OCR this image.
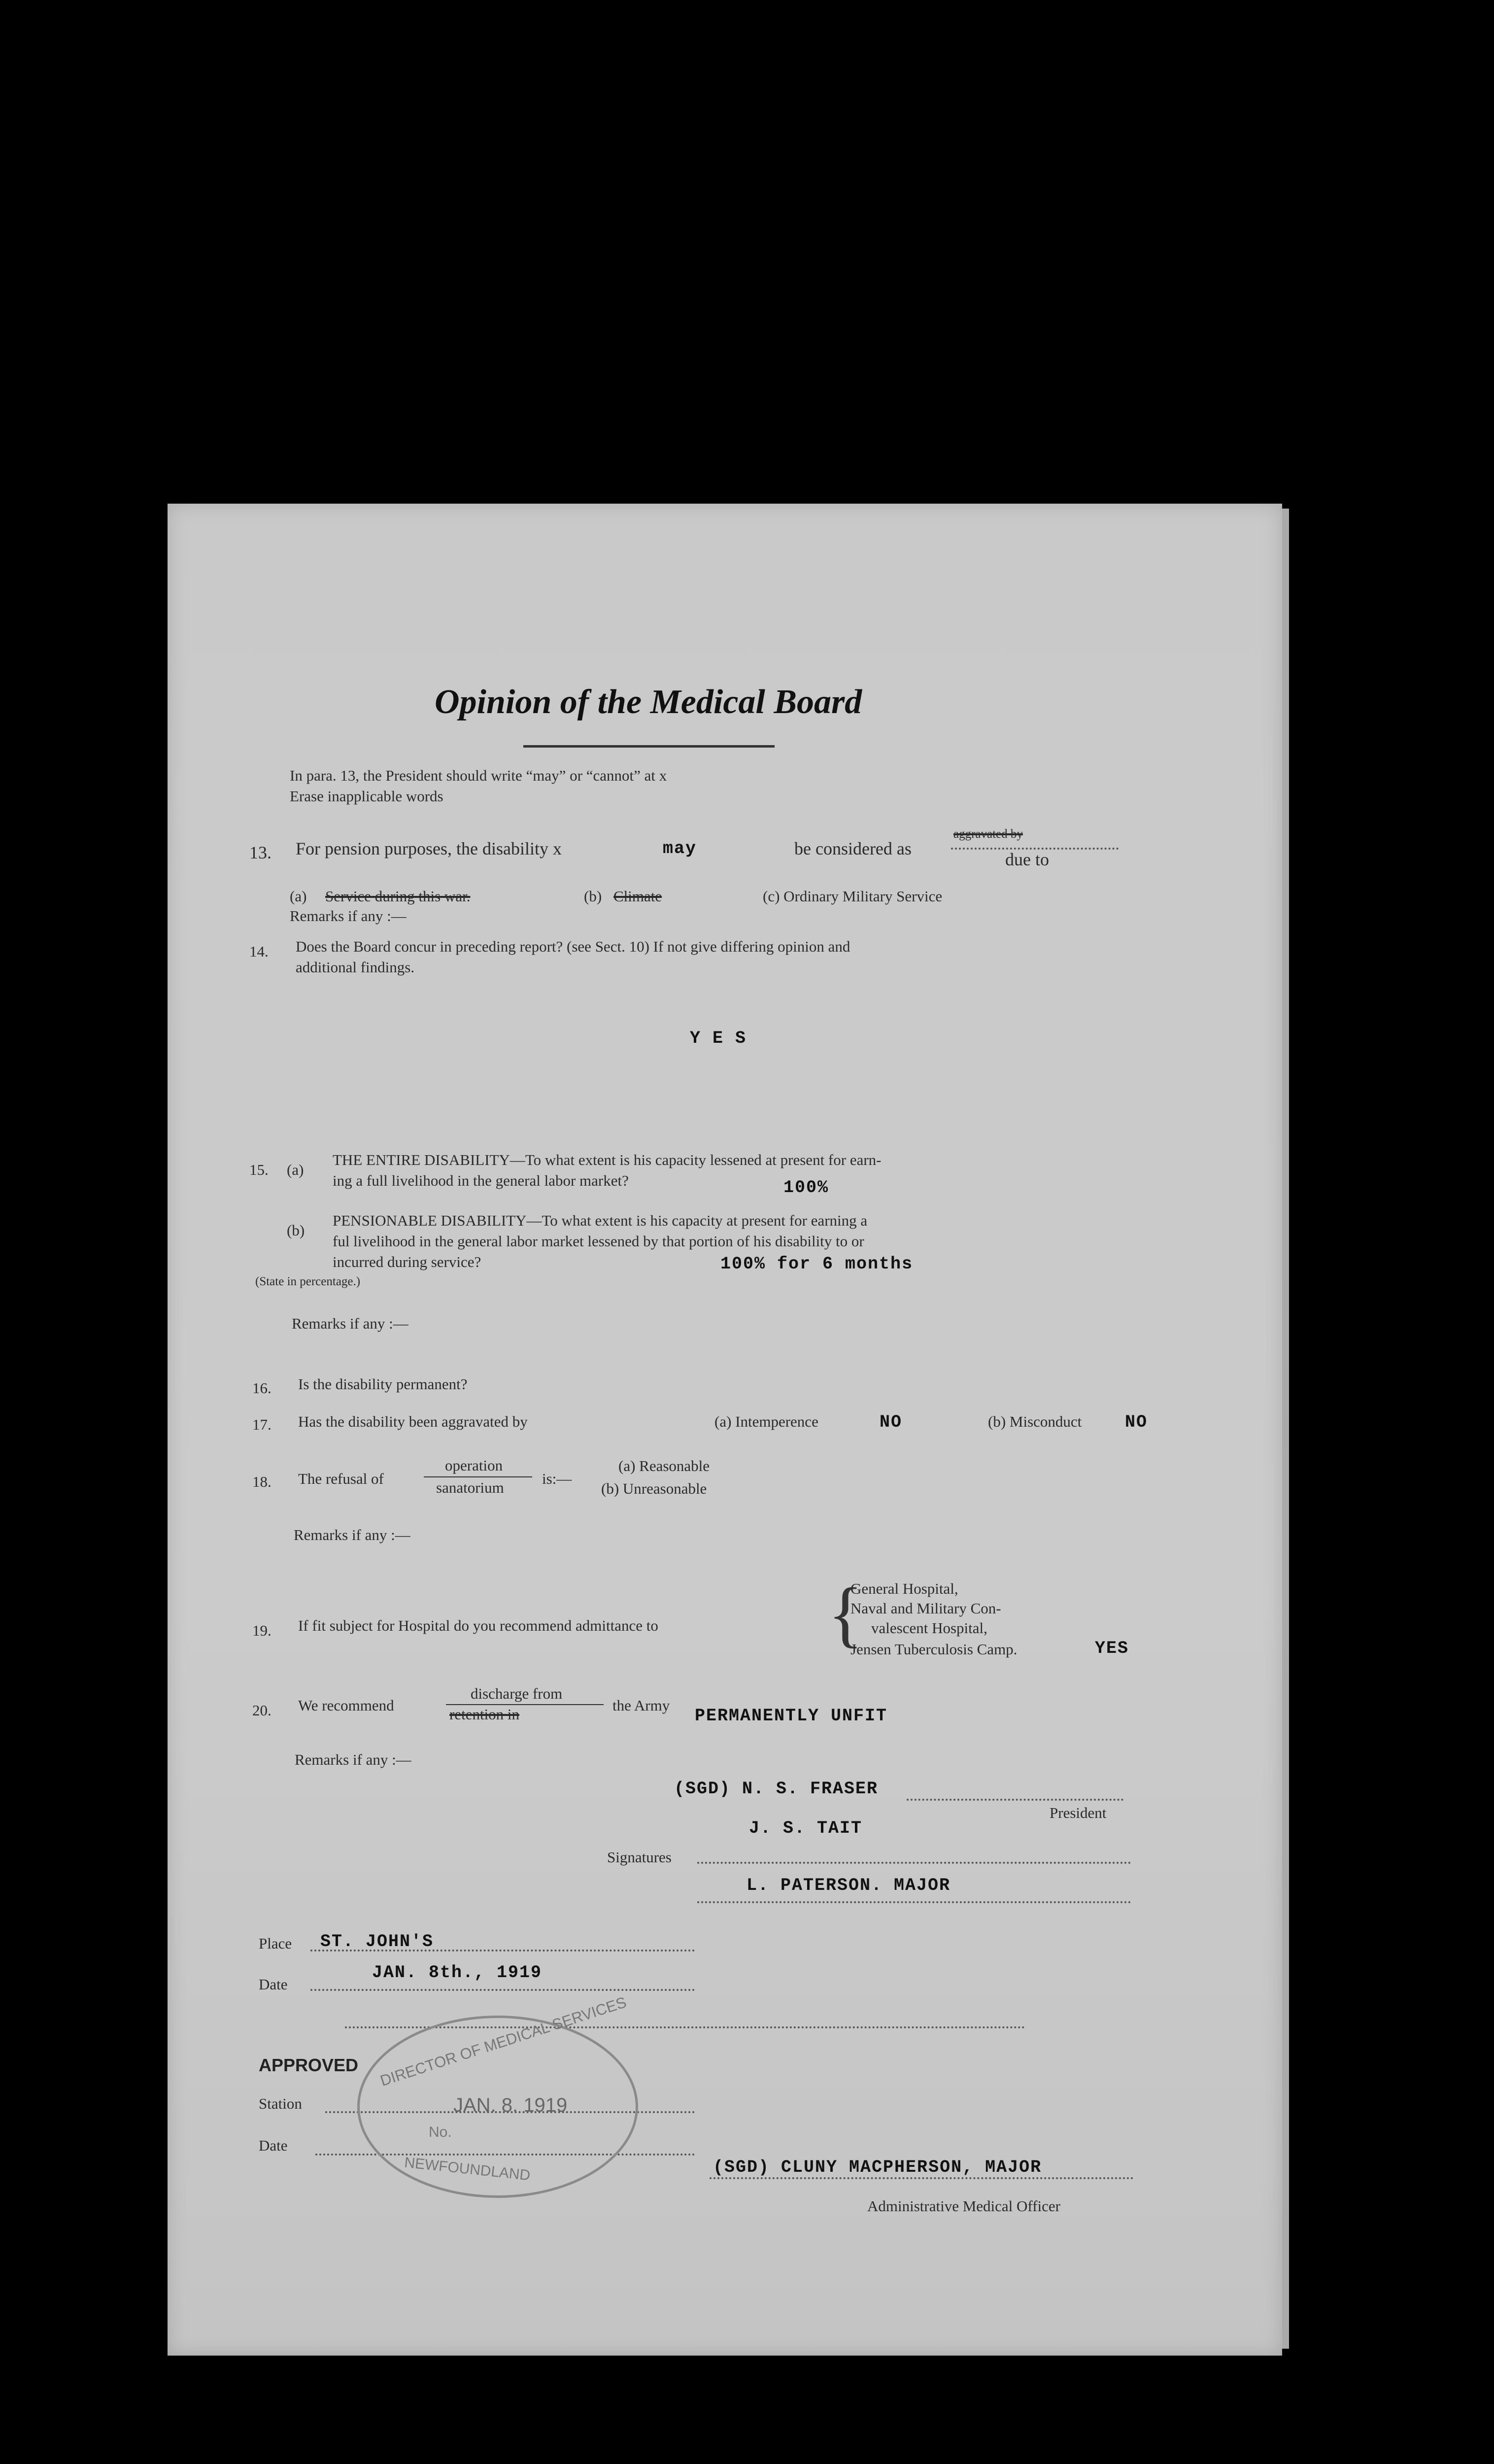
Opinion of the Medical Board
In para. 13, the President should write “may” or “cannot” at x
Erase inapplicable words
13. For pension purposes, the disability x	may	be considered as
aggravated by
due to
(a) Service during this war.	(b) Climate	(c) Ordinary Military Service
Remarks if any :—
14. Does the Board concur in preceding report? (see Sect. 10) If not give differing opinion and
additional findings.
Y E S
15. (a)
THE ENTIRE DISABILITY—To what extent is his capacity lessened at present for earn-
ing a full livelihood in the general labor market?	100%
(b)
PENSIONABLE DISABILITY—To what extent is his capacity at present for earning a
ful livelihood in the general labor market lessened by that portion of his disability to or
incurred during service?	100% for 6 months
(State in percentage.)
Remarks if any :—
16. Is the disability permanent?
17. Has the disability been aggravated by	(a) Intemperence	NO	(b) Misconduct	NO
18. The refusal of
operation
sanatorium
is:—
(a) Reasonable
(b) Unreasonable
Remarks if any :—
19. If fit subject for Hospital do you recommend admittance to {
General Hospital,
Naval and Military Con-
valescent Hospital,
Jensen Tuberculosis Camp.	YES
20. We recommend
discharge from
retention in
the Army
PERMANENTLY UNFIT
Remarks if any :—
(SGD) N. S. FRASER
President
J. S. TAIT
Signatures
L. PATERSON. MAJOR
Place ST. JOHN'S
Date
JAN. 8th., 1919
APPROVED
Station
Date
DIRECTOR OF MEDICAL SERVICES
JAN. 8. 1919
No.
NEWFOUNDLAND	(SGD) CLUNY MACPHERSON, MAJOR
Administrative Medical Officer
